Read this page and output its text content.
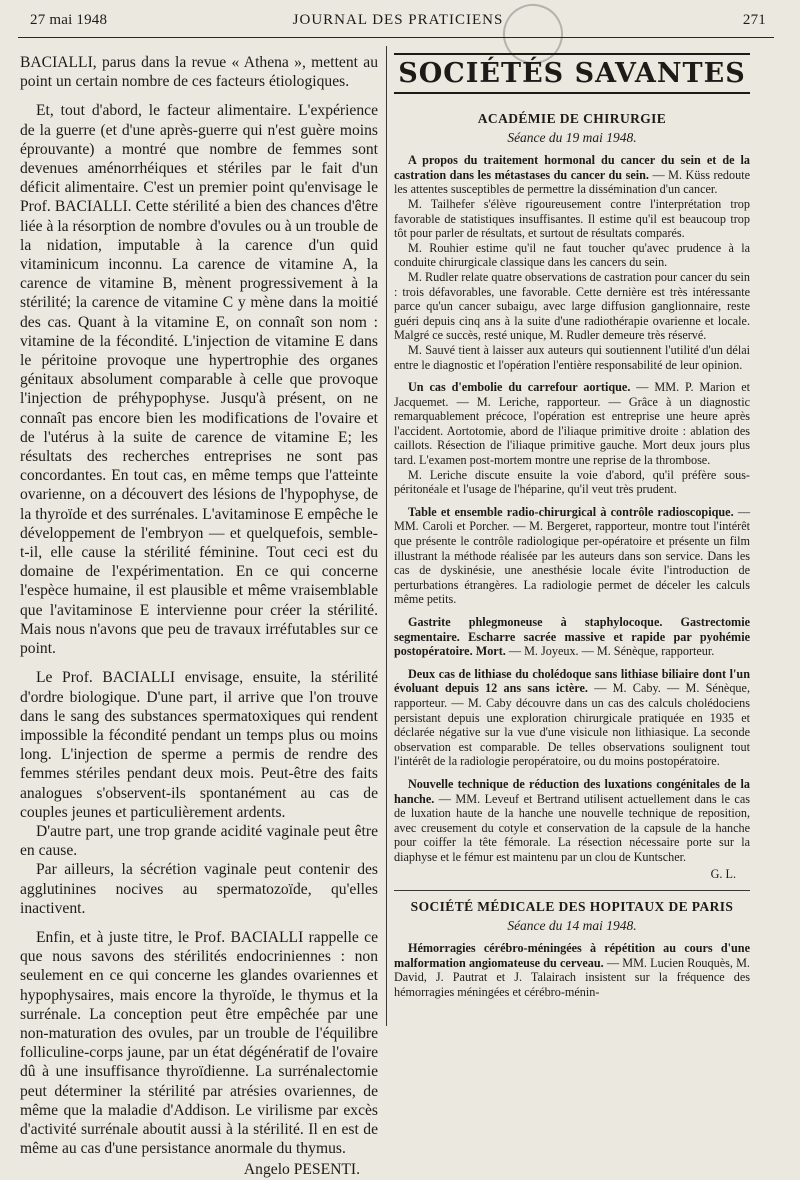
27 mai 1948	JOURNAL DES PRATICIENS	271

BACIALLI, parus dans la revue « Athena », mettent au point un certain nombre de ces facteurs étiologiques.

Et, tout d'abord, le facteur alimentaire. L'expérience de la guerre (et d'une après-guerre qui n'est guère moins éprouvante) a montré que nombre de femmes sont devenues aménorrhéiques et stériles par le fait d'un déficit alimentaire. C'est un premier point qu'envisage le Prof. BACIALLI. Cette stérilité a bien des chances d'être liée à la résorption de nombre d'ovules ou à un trouble de la nidation, imputable à la carence d'un quid vitaminicum inconnu. La carence de vitamine A, la carence de vitamine B, mènent progressivement à la stérilité; la carence de vitamine C y mène dans la moitié des cas. Quant à la vitamine E, on connaît son nom : vitamine de la fécondité. L'injection de vitamine E dans le péritoine provoque une hypertrophie des organes génitaux absolument comparable à celle que provoque l'injection de préhypophyse. Jusqu'à présent, on ne connaît pas encore bien les modifications de l'ovaire et de l'utérus à la suite de carence de vitamine E; les résultats des recherches entreprises ne sont pas concordantes. En tout cas, en même temps que l'atteinte ovarienne, on a découvert des lésions de l'hypophyse, de la thyroïde et des surrénales. L'avitaminose E empêche le développement de l'embryon — et quelquefois, semble-t-il, elle cause la stérilité féminine. Tout ceci est du domaine de l'expérimentation. En ce qui concerne l'espèce humaine, il est plausible et même vraisemblable que l'avitaminose E intervienne pour créer la stérilité. Mais nous n'avons que peu de travaux irréfutables sur ce point.

Le Prof. BACIALLI envisage, ensuite, la stérilité d'ordre biologique. D'une part, il arrive que l'on trouve dans le sang des substances spermatoxiques qui rendent impossible la fécondité pendant un temps plus ou moins long. L'injection de sperme a permis de rendre des femmes stériles pendant deux mois. Peut-être des faits analogues s'observent-ils spontanément au cas de couples jeunes et particulièrement ardents.

D'autre part, une trop grande acidité vaginale peut être en cause.

Par ailleurs, la sécrétion vaginale peut contenir des agglutinines nocives au spermatozoïde, qu'elles inactivent.

Enfin, et à juste titre, le Prof. BACIALLI rappelle ce que nous savons des stérilités endocriniennes : non seulement en ce qui concerne les glandes ovariennes et hypophysaires, mais encore la thyroïde, le thymus et la surrénale. La conception peut être empêchée par une non-maturation des ovules, par un trouble de l'équilibre folliculine-corps jaune, par un état dégénératif de l'ovaire dû à une insuffisance thyroïdienne. La surrénalectomie peut déterminer la stérilité par atrésies ovariennes, de même que la maladie d'Addison. Le virilisme par excès d'activité surrénale aboutit aussi à la stérilité. Il en est de même au cas d'une persistance anormale du thymus.

Angelo PESENTI.

SOCIÉTÉS SAVANTES
ACADÉMIE DE CHIRURGIE
Séance du 19 mai 1948.

A propos du traitement hormonal du cancer du sein et de la castration dans les métastases du cancer du sein. — M. Küss redoute les attentes susceptibles de permettre la dissémination d'un cancer.

M. Tailhefer s'élève rigoureusement contre l'interprétation trop favorable de statistiques insuffisantes. Il estime qu'il est beaucoup trop tôt pour parler de résultats, et surtout de résultats comparés.

M. Rouhier estime qu'il ne faut toucher qu'avec prudence à la conduite chirurgicale classique dans les cancers du sein.

M. Rudler relate quatre observations de castration pour cancer du sein : trois défavorables, une favorable. Cette dernière est très intéressante parce qu'un cancer subaigu, avec large diffusion ganglionnaire, reste guéri depuis cinq ans à la suite d'une radiothérapie ovarienne et locale. Malgré ce succès, resté unique, M. Rudler demeure très réservé.

M. Sauvé tient à laisser aux auteurs qui soutiennent l'utilité d'un délai entre le diagnostic et l'opération l'entière responsabilité de leur opinion.

Un cas d'embolie du carrefour aortique. — MM. P. Marion et Jacquemet. — M. Leriche, rapporteur. — Grâce à un diagnostic remarquablement précoce, l'opération est entreprise une heure après l'accident. Aortotomie, abord de l'iliaque primitive droite : ablation des caillots. Résection de l'iliaque primitive gauche. Mort deux jours plus tard. L'examen post-mortem montre une reprise de la thrombose.

M. Leriche discute ensuite la voie d'abord, qu'il préfère sous-péritonéale et l'usage de l'héparine, qu'il veut très prudent.

Table et ensemble radio-chirurgical à contrôle radioscopique. — MM. Caroli et Porcher. — M. Bergeret, rapporteur, montre tout l'intérêt que présente le contrôle radiologique per-opératoire et présente un film illustrant la méthode réalisée par les auteurs dans son service. Dans les cas de dyskinésie, une anesthésie locale évite l'introduction de perturbations étrangères. La radiologie permet de déceler les calculs même petits.

Gastrite phlegmoneuse à staphylocoque. Gastrectomie segmentaire. Escharre sacrée massive et rapide par pyohémie postopératoire. Mort. — M. Joyeux. — M. Sénèque, rapporteur.

Deux cas de lithiase du cholédoque sans lithiase biliaire dont l'un évoluant depuis 12 ans sans ictère. — M. Caby. — M. Sénèque, rapporteur. — M. Caby découvre dans un cas des calculs cholédociens persistant depuis une exploration chirurgicale pratiquée en 1935 et déclarée négative sur la vue d'une visicule non lithiasique. La seconde observation est comparable. De telles observations soulignent tout l'intérêt de la radiologie peropératoire, ou du moins postopératoire.

Nouvelle technique de réduction des luxations congénitales de la hanche. — MM. Leveuf et Bertrand utilisent actuellement dans le cas de luxation haute de la hanche une nouvelle technique de reposition, avec creusement du cotyle et conservation de la capsule de la hanche pour coiffer la tête fémorale. La résection nécessaire porte sur la diaphyse et le fémur est maintenu par un clou de Kuntscher.

G. L.
SOCIÉTÉ MÉDICALE DES HOPITAUX DE PARIS
Séance du 14 mai 1948.

Hémorragies cérébro-méningées à répétition au cours d'une malformation angiomateuse du cerveau. — MM. Lucien Rouquès, M. David, J. Pautrat et J. Talairach insistent sur la fréquence des hémorragies méningées et cérébro-ménin-
